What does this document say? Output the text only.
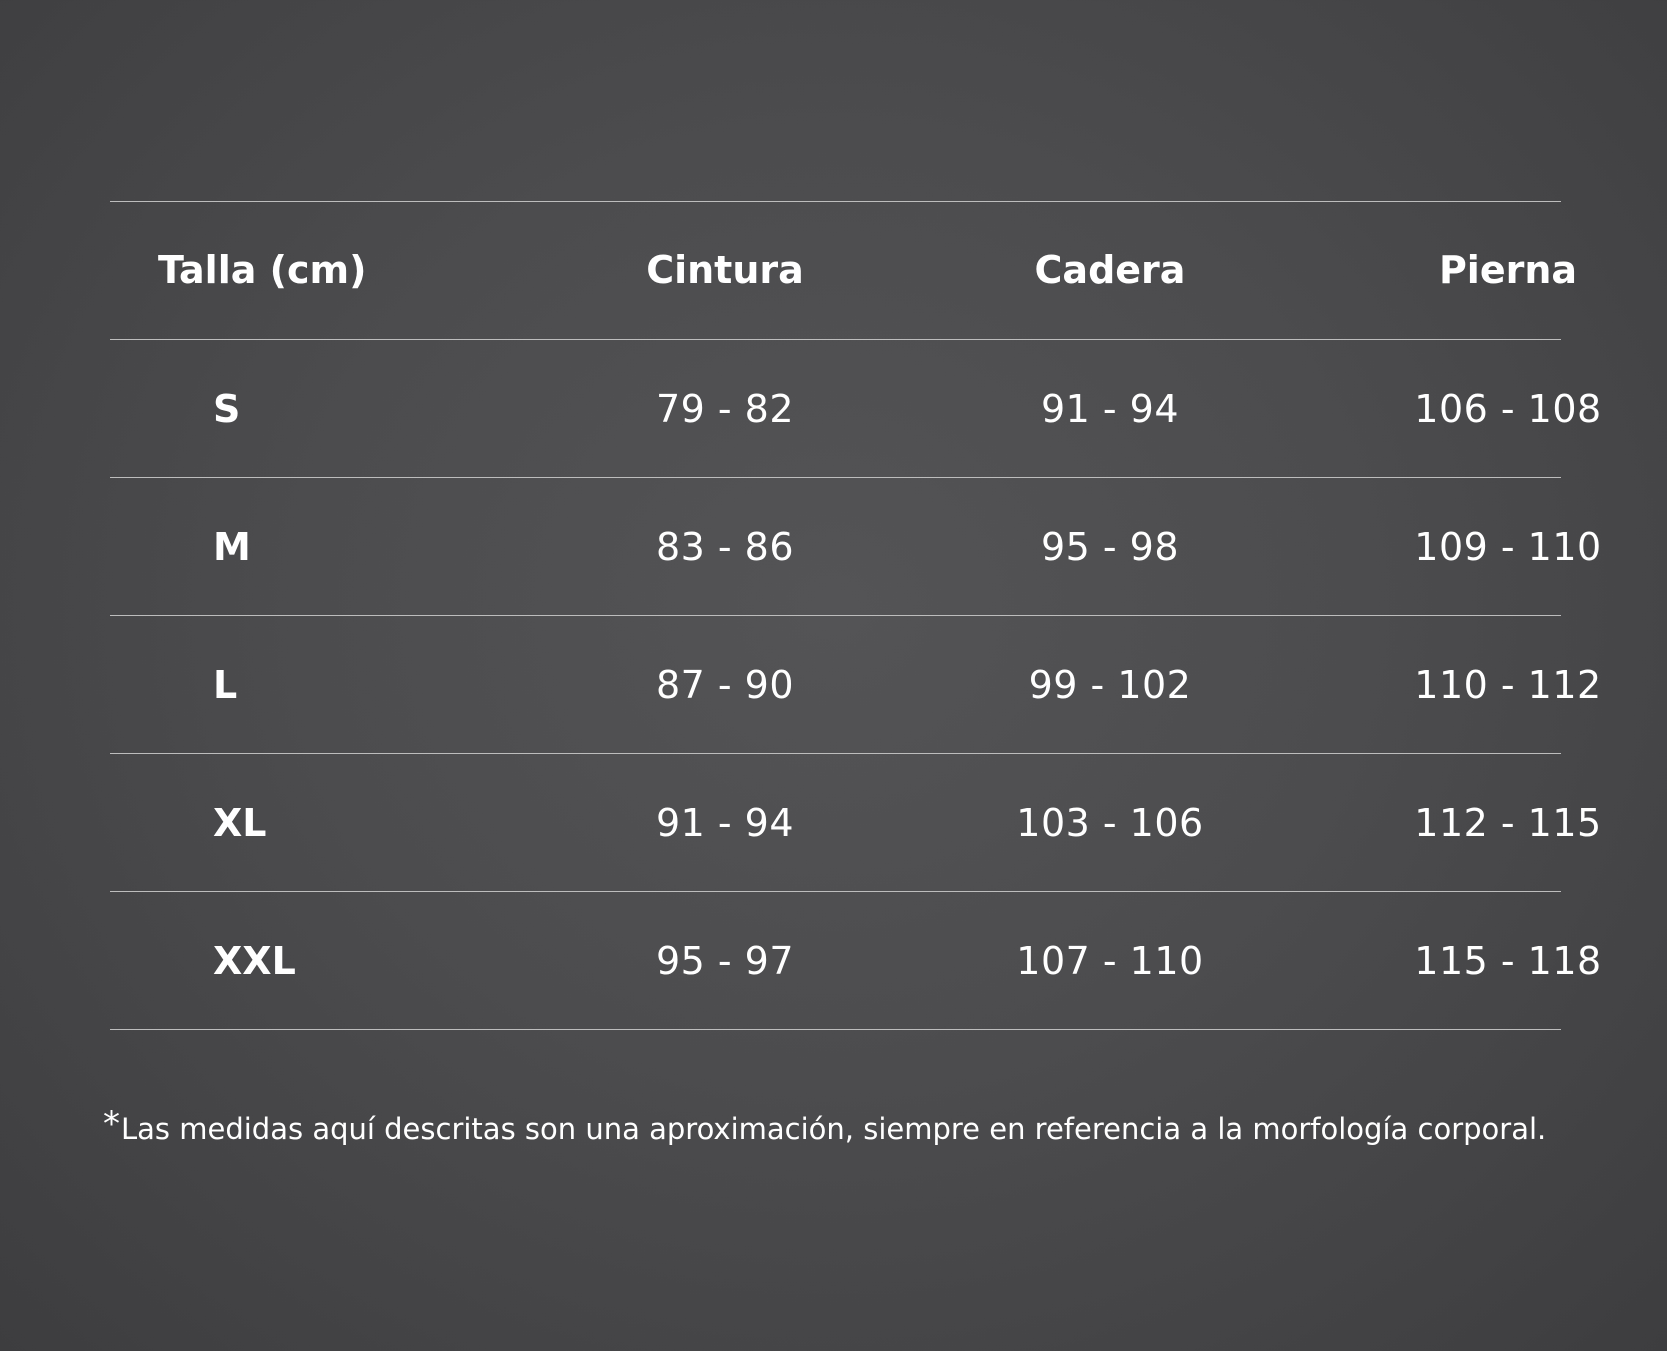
Talla (cm)	Cintura	Cadera	Pierna
S	79 - 82	91 - 94	106 - 108
M	83 - 86	95 - 98	109 - 110
L	87 - 90	99 - 102	110 - 112
XL	91 - 94	103 - 106	112 - 115
XXL	95 - 97	107 - 110	115 - 118
*Las medidas aquí descritas son una aproximación, siempre en referencia a la morfología corporal.
